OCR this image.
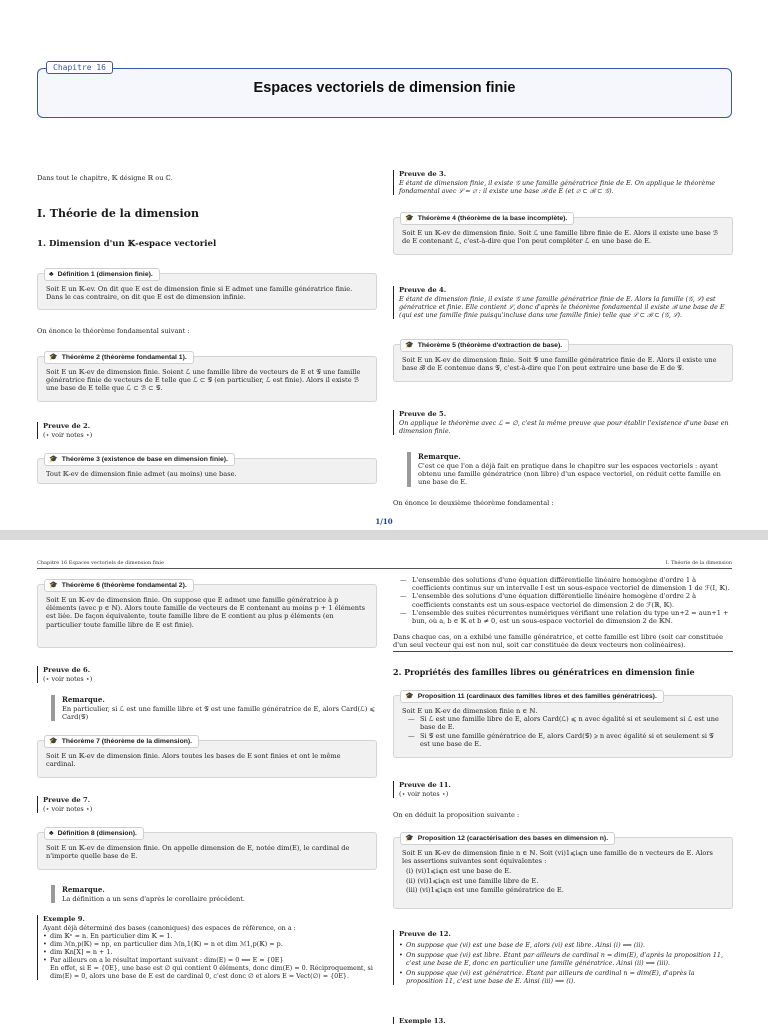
Chapitre 16
Espaces vectoriels de dimension finie
Dans tout le chapitre, 𝕂 désigne ℝ ou ℂ.
I. Théorie de la dimension
1. Dimension d'un 𝕂-espace vectoriel
♣ Définition 1 (dimension finie).
Soit E un 𝕂-ev. On dit que E est de dimension finie si E admet une famille génératrice finie. Dans le cas contraire, on dit que E est de dimension infinie.
On énonce le théorème fondamental suivant :
🎓 Théorème 2 (théorème fondamental 1).
Soit E un 𝕂-ev de dimension finie. Soient ℒ une famille libre de vecteurs de E et 𝒢 une famille génératrice finie de vecteurs de E telle que ℒ ⊂ 𝒢 (en particulier, ℒ est finie). Alors il existe ℬ une base de E telle que ℒ ⊂ ℬ ⊂ 𝒢.
Preuve de 2.
(⋆ voir notes ⋆)
🎓 Théorème 3 (existence de base en dimension finie).
Tout 𝕂-ev de dimension finie admet (au moins) une base.
Preuve de 3.
E étant de dimension finie, il existe 𝒢 une famille génératrice finie de E. On applique le théorème fondamental avec ℒ = ∅ : il existe une base ℬ de E (et ∅ ⊂ ℬ ⊂ 𝒢).
🎓 Théorème 4 (théorème de la base incomplète).
Soit E un 𝕂-ev de dimension finie. Soit ℒ une famille libre finie de E. Alors il existe une base ℬ de E contenant ℒ, c'est-à-dire que l'on peut compléter ℒ en une base de E.
Preuve de 4.
E étant de dimension finie, il existe 𝒢 une famille génératrice finie de E. Alors la famille (𝒢, ℒ) est génératrice et finie. Elle contient ℒ, donc d'après le théorème fondamental il existe ℬ une base de E (qui est une famille finie puisqu'incluse dans une famille finie) telle que ℒ ⊂ ℬ ⊂ (𝒢, ℒ).
🎓 Théorème 5 (théorème d'extraction de base).
Soit E un 𝕂-ev de dimension finie. Soit 𝒢 une famille génératrice finie de E. Alors il existe une base ℬ de E contenue dans 𝒢, c'est-à-dire que l'on peut extraire une base de E de 𝒢.
Preuve de 5.
On applique le théorème avec ℒ = ∅, c'est la même preuve que pour établir l'existence d'une base en dimension finie.
Remarque.
C'est ce que l'on a déjà fait en pratique dans le chapitre sur les espaces vectoriels : ayant obtenu une famille génératrice (non libre) d'un espace vectoriel, on réduit cette famille en une base de E.
On énonce le deuxième théorème fondamental :
1/10
Chapitre 16 Espaces vectoriels de dimension finie	I. Théorie de la dimension
🎓 Théorème 6 (théorème fondamental 2).
Soit E un 𝕂-ev de dimension finie. On suppose que E admet une famille génératrice à p éléments (avec p ∈ ℕ). Alors toute famille de vecteurs de E contenant au moins p + 1 éléments est liée. De façon équivalente, toute famille libre de E contient au plus p éléments (en particulier toute famille libre de E est finie).
Preuve de 6.
(⋆ voir notes ⋆)
Remarque.
En particulier, si ℒ est une famille libre et 𝒢 est une famille génératrice de E, alors Card(ℒ) ⩽ Card(𝒢)
🎓 Théorème 7 (théorème de la dimension).
Soit E un 𝕂-ev de dimension finie. Alors toutes les bases de E sont finies et ont le même cardinal.
Preuve de 7.
(⋆ voir notes ⋆)
♣ Définition 8 (dimension).
Soit E un 𝕂-ev de dimension finie. On appelle dimension de E, notée dim(E), le cardinal de n'importe quelle base de E.
Remarque.
La définition a un sens d'après le corollaire précédent.
Exemple 9.
Ayant déjà déterminé des bases (canoniques) des espaces de référence, on a :
• dim 𝕂ⁿ = n. En particulier dim 𝕂 = 1.
• dim ℳn,p(𝕂) = np, en particulier dim ℳn,1(𝕂) = n et dim ℳ1,p(𝕂) = p.
• dim 𝕂n[X] = n + 1.
• Par ailleurs on a le résultat important suivant : dim(E) = 0 ⟺ E = {0E}
En effet, si E = {0E}, une base est ∅ qui contient 0 éléments, donc dim(E) = 0. Réciproquement, si dim(E) = 0, alors une base de E est de cardinal 0, c'est donc ∅ et alors E = Vect(∅) = {0E}.
— L'ensemble des solutions d'une équation différentielle linéaire homogène d'ordre 1 à coefficients continus sur un intervalle I est un sous-espace vectoriel de dimension 1 de ℱ(I, 𝕂).
— L'ensemble des solutions d'une équation différentielle linéaire homogène d'ordre 2 à coefficients constants est un sous-espace vectoriel de dimension 2 de ℱ(ℝ, 𝕂).
— L'ensemble des suites récurrentes numériques vérifiant une relation du type un+2 = aun+1 + bun, où a, b ∈ 𝕂 et b ≠ 0, est un sous-espace vectoriel de dimension 2 de 𝕂ℕ.
Dans chaque cas, on a exhibé une famille génératrice, et cette famille est libre (soit car constituée d'un seul vecteur qui est non nul, soit car constituée de deux vecteurs non colinéaires).
2. Propriétés des familles libres ou génératrices en dimension finie
🎓 Proposition 11 (cardinaux des familles libres et des familles génératrices).
Soit E un 𝕂-ev de dimension finie n ∈ ℕ.
— Si ℒ est une famille libre de E, alors Card(ℒ) ⩽ n avec égalité si et seulement si ℒ est une base de E.
— Si 𝒢 est une famille génératrice de E, alors Card(𝒢) ⩾ n avec égalité si et seulement si 𝒢 est une base de E.
Preuve de 11.
(⋆ voir notes ⋆)
On en déduit la proposition suivante :
🎓 Proposition 12 (caractérisation des bases en dimension n).
Soit E un 𝕂-ev de dimension finie n ∈ ℕ. Soit (vi)1⩽i⩽n une famille de n vecteurs de E. Alors les assertions suivantes sont équivalentes :
(i) (vi)1⩽i⩽n est une base de E.
(ii) (vi)1⩽i⩽n est une famille libre de E.
(iii) (vi)1⩽i⩽n est une famille génératrice de E.
Preuve de 12.
• On suppose que (vi) est une base de E, alors (vi) est libre. Ainsi (i) ⟹ (ii).
• On suppose que (vi) est libre. Étant par ailleurs de cardinal n = dim(E), d'après la proposition 11, c'est une base de E, donc en particulier une famille génératrice. Ainsi (ii) ⟹ (iii).
• On suppose que (vi) est génératrice. Étant par ailleurs de cardinal n = dim(E), d'après la proposition 11, c'est une base de E. Ainsi (iii) ⟹ (i).
Exemple 13.
